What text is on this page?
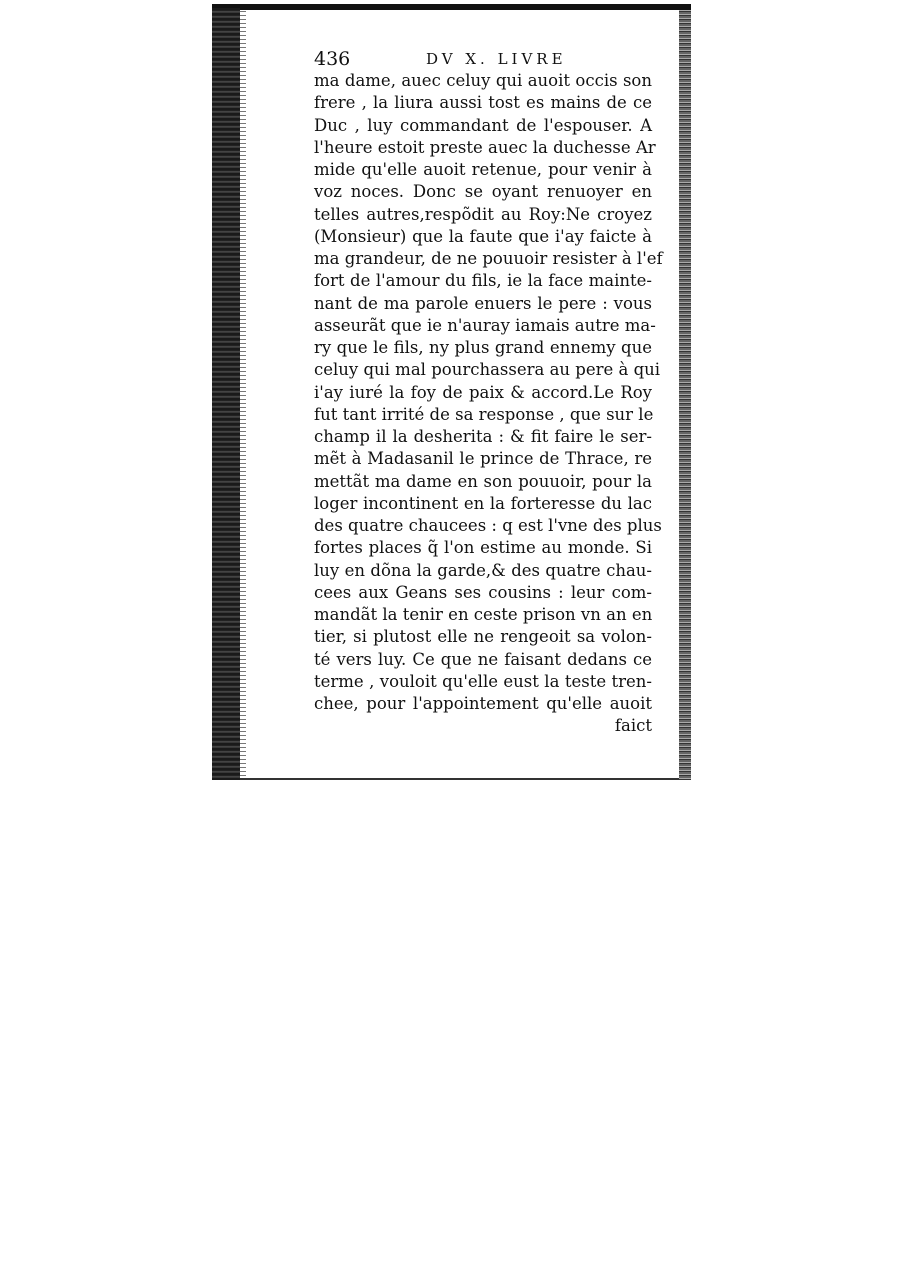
436	DV X. LIVRE
ma dame, auec celuy qui auoit occis son
frere , la liura aussi tost es mains de ce
Duc , luy commandant de l'espouser. A
l'heure estoit preste auec la duchesse Ar
mide qu'elle auoit retenue, pour venir à
voz noces. Donc se oyant renuoyer en
telles autres,respõdit au Roy:Ne croyez
(Monsieur) que la faute que i'ay faicte à
ma grandeur, de ne pouuoir resister à l'ef
fort de l'amour du fils, ie la face mainte-
nant de ma parole enuers le pere : vous
asseurãt que ie n'auray iamais autre ma-
ry que le fils, ny plus grand ennemy que
celuy qui mal pourchassera au pere à qui
i'ay iuré la foy de paix & accord.Le Roy
fut tant irrité de sa response , que sur le
champ il la desherita : & fit faire le ser-
mẽt à Madasanil le prince de Thrace, re
mettãt ma dame en son pouuoir, pour la
loger incontinent en la forteresse du lac
des quatre chaucees : q est l'vne des plus
fortes places q̃ l'on estime au monde. Si
luy en dõna la garde,& des quatre chau-
cees aux Geans ses cousins : leur com-
mandãt la tenir en ceste prison vn an en
tier, si plutost elle ne rengeoit sa volon-
té vers luy. Ce que ne faisant dedans ce
terme , vouloit qu'elle eust la teste tren-
chee, pour l'appointement qu'elle auoit
faict
